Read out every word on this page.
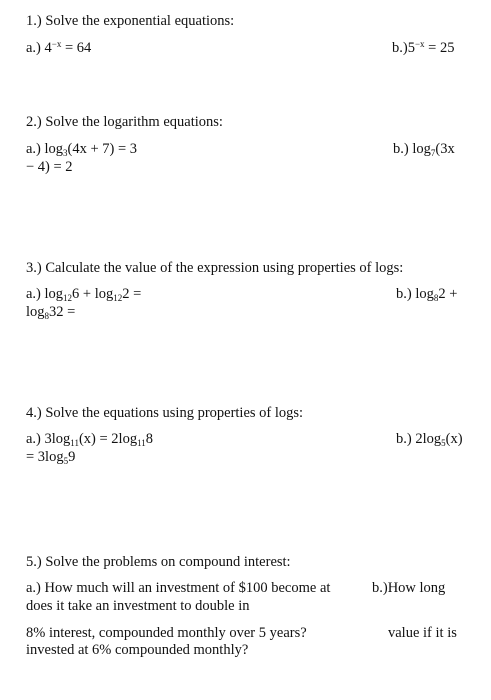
1.) Solve the exponential equations:
a.) $4^{-x} = 64$	$b.)5^{-x} = 25$
2.) Solve the logarithm equations:
a.) $\log_3(4x + 7) = 3$
− 4) = 2
b.) $\log_7(3x$
3.) Calculate the value of the expression using properties of logs:
a.) $\log_{12}6 + \log_{12}2$ =
$\log_832$ =
b.) $\log_82$ +
4.) Solve the equations using properties of logs:
a.) $3\log_{11}(x) = 2\log_{11}8$
= $3\log_59$
b.) $2\log_5(x)$
5.) Solve the problems on compound interest:
a.) How much will an investment of $100 become at
does it take an investment to double in
8% interest, compounded monthly over 5 years?
invested at 6% compounded monthly?
b.)How long
value if it is
